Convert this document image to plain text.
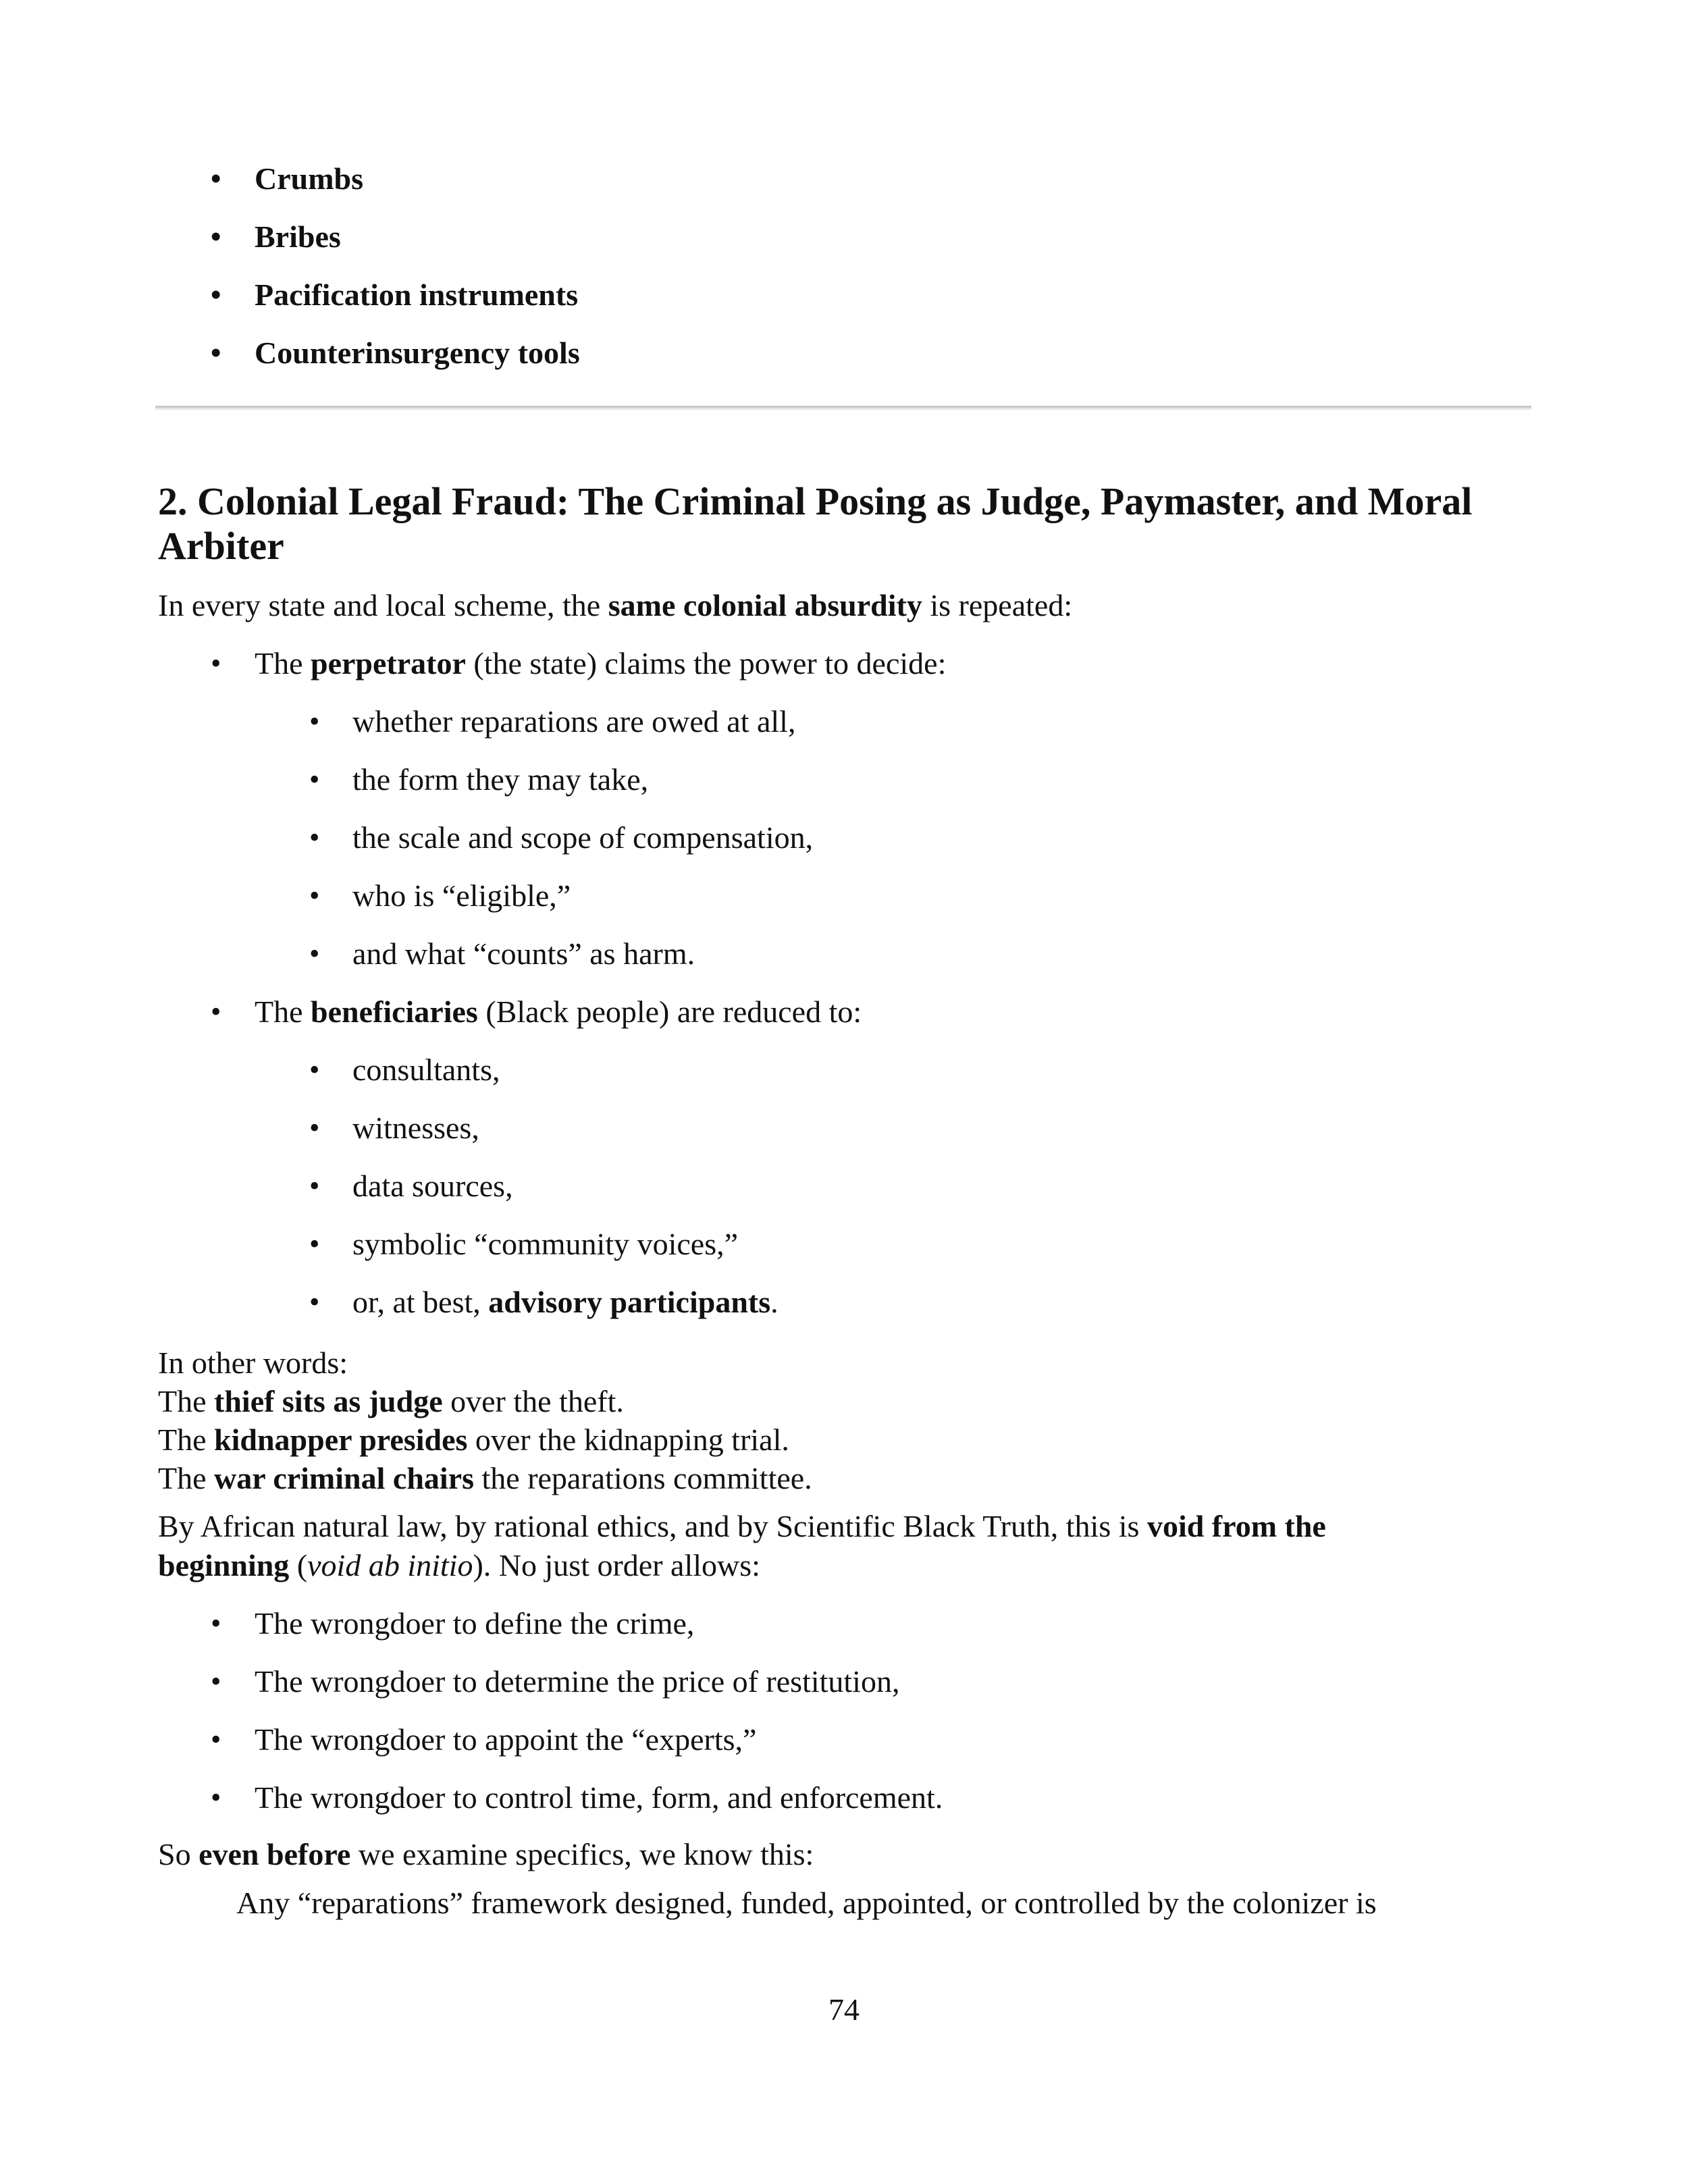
• Crumbs
• Bribes
• Pacification instruments
• Counterinsurgency tools
2. Colonial Legal Fraud: The Criminal Posing as Judge, Paymaster, and Moral Arbiter

In every state and local scheme, the same colonial absurdity is repeated:

• The perpetrator (the state) claims the power to decide:
• whether reparations are owed at all,
• the form they may take,
• the scale and scope of compensation,
• who is “eligible,”
• and what “counts” as harm.
• The beneficiaries (Black people) are reduced to:
• consultants,
• witnesses,
• data sources,
• symbolic “community voices,”
• or, at best, advisory participants.
In other words:
The thief sits as judge over the theft.
The kidnapper presides over the kidnapping trial.
The war criminal chairs the reparations committee.

By African natural law, by rational ethics, and by Scientific Black Truth, this is void from the
beginning (void ab initio). No just order allows:

• The wrongdoer to define the crime,
• The wrongdoer to determine the price of restitution,
• The wrongdoer to appoint the “experts,”
• The wrongdoer to control time, form, and enforcement.

So even before we examine specifics, we know this:

Any “reparations” framework designed, funded, appointed, or controlled by the colonizer is
74
